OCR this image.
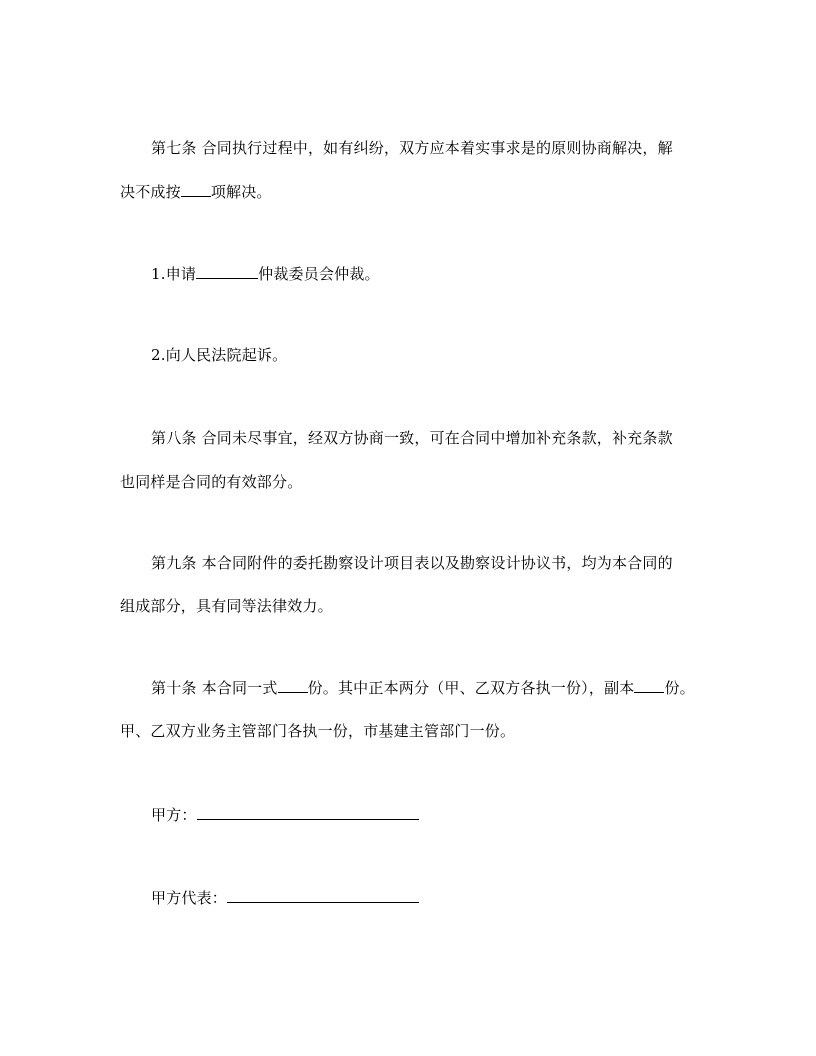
第七条 合同执行过程中，如有纠纷，双方应本着实事求是的原则协商解决，解
决不成按 项解决。
1.申请	仲裁委员会仲裁。
2.向人民法院起诉。
第八条 合同未尽事宜，经双方协商一致，可在合同中增加补充条款，补充条款
也同样是合同的有效部分。
第九条 本合同附件的委托勘察设计项目表以及勘察设计协议书，均为本合同的
组成部分，具有同等法律效力。
第十条 本合同一式 份。其中正本两分（甲、乙双方各执一份），副本 份。
甲、乙双方业务主管部门各执一份，市基建主管部门一份。
甲方：
甲方代表：
